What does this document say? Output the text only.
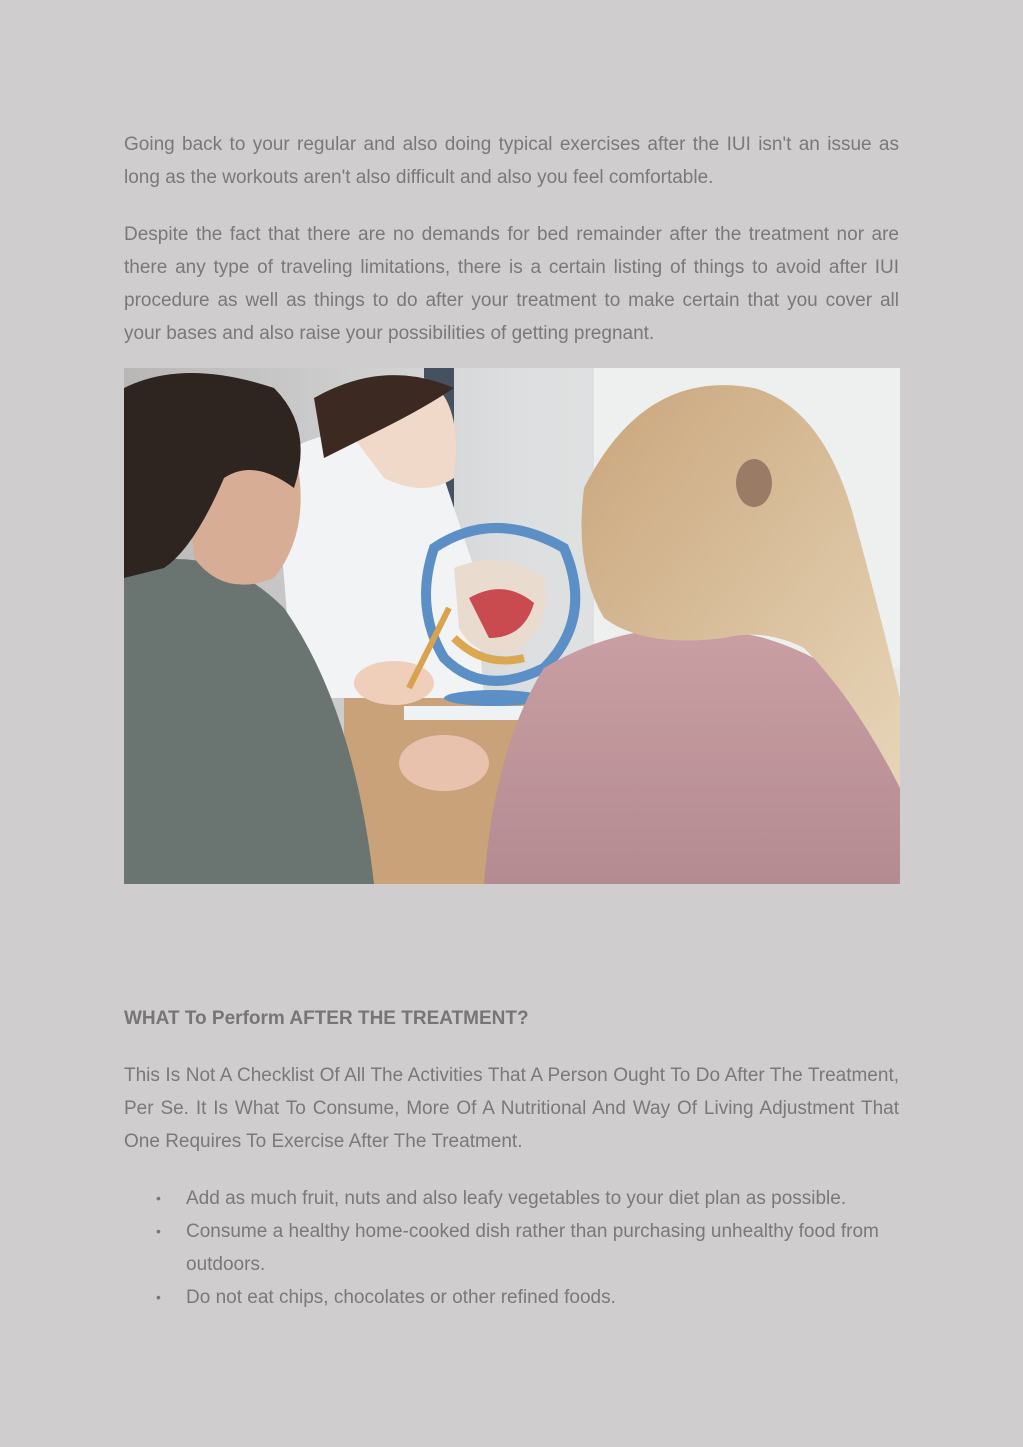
Going back to your regular and also doing typical exercises after the IUI isn't an issue as long as the workouts aren't also difficult and also you feel comfortable.

Despite the fact that there are no demands for bed remainder after the treatment nor are there any type of traveling limitations, there is a certain listing of things to avoid after IUI procedure as well as things to do after your treatment to make certain that you cover all your bases and also raise your possibilities of getting pregnant.

WHAT To Perform AFTER THE TREATMENT?

This Is Not A Checklist Of All The Activities That A Person Ought To Do After The Treatment, Per Se. It Is What To Consume, More Of A Nutritional And Way Of Living Adjustment That One Requires To Exercise After The Treatment.

• Add as much fruit, nuts and also leafy vegetables to your diet plan as possible.
• Consume a healthy home-cooked dish rather than purchasing unhealthy food from outdoors.
• Do not eat chips, chocolates or other refined foods.
